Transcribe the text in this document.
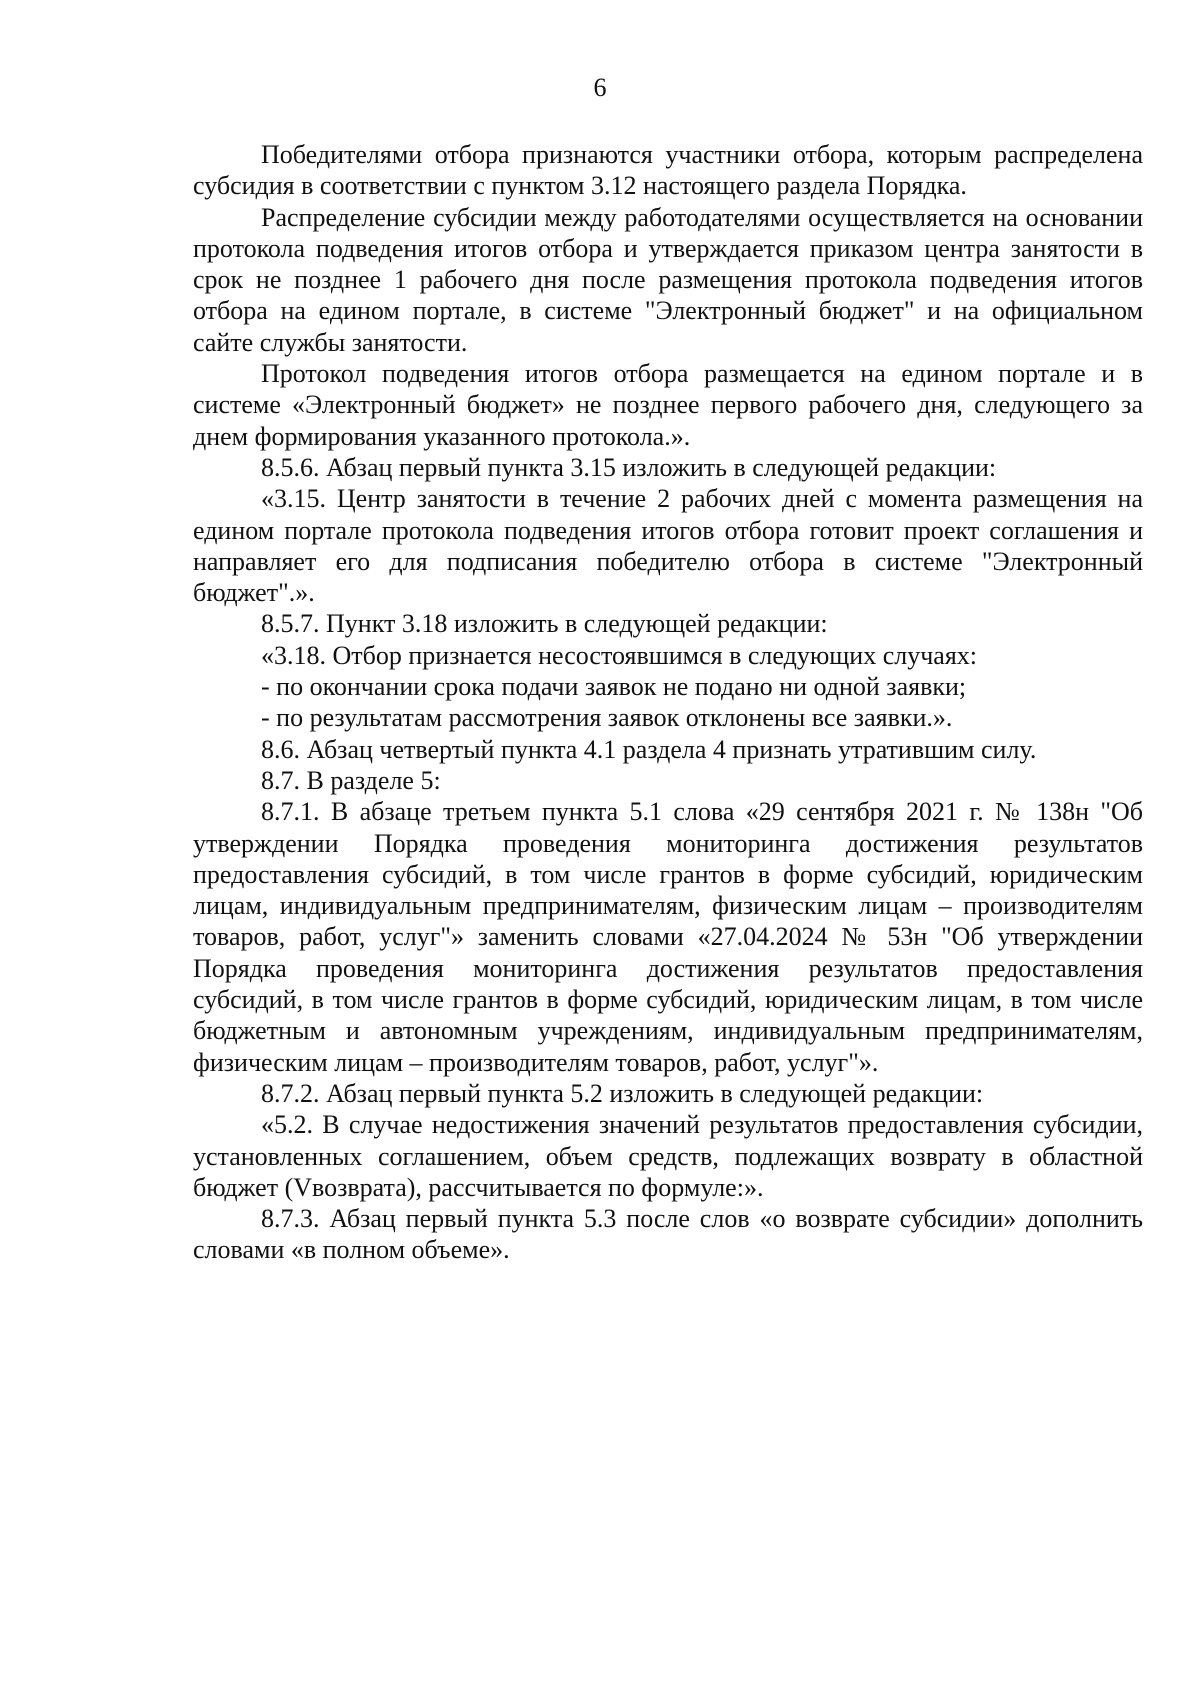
6

Победителями отбора признаются участники отбора, которым распределена субсидия в соответствии с пунктом 3.12 настоящего раздела Порядка.

Распределение субсидии между работодателями осуществляется на основании протокола подведения итогов отбора и утверждается приказом центра занятости в срок не позднее 1 рабочего дня после размещения протокола подведения итогов отбора на едином портале, в системе "Электронный бюджет" и на официальном сайте службы занятости.

Протокол подведения итогов отбора размещается на едином портале и в системе «Электронный бюджет» не позднее первого рабочего дня, следующего за днем формирования указанного протокола.».

8.5.6. Абзац первый пункта 3.15 изложить в следующей редакции:

«3.15. Центр занятости в течение 2 рабочих дней с момента размещения на едином портале протокола подведения итогов отбора готовит проект соглашения и направляет его для подписания победителю отбора в системе "Электронный бюджет".».

8.5.7. Пункт 3.18 изложить в следующей редакции:

«3.18. Отбор признается несостоявшимся в следующих случаях:

- по окончании срока подачи заявок не подано ни одной заявки;

- по результатам рассмотрения заявок отклонены все заявки.».

8.6. Абзац четвертый пункта 4.1 раздела 4 признать утратившим силу.

8.7. В разделе 5:

8.7.1. В абзаце третьем пункта 5.1 слова «29 сентября 2021 г. № 138н "Об утверждении Порядка проведения мониторинга достижения результатов предоставления субсидий, в том числе грантов в форме субсидий, юридическим лицам, индивидуальным предпринимателям, физическим лицам – производителям товаров, работ, услуг"» заменить словами «27.04.2024 № 53н "Об утверждении Порядка проведения мониторинга достижения результатов предоставления субсидий, в том числе грантов в форме субсидий, юридическим лицам, в том числе бюджетным и автономным учреждениям, индивидуальным предпринимателям, физическим лицам – производителям товаров, работ, услуг"».

8.7.2. Абзац первый пункта 5.2 изложить в следующей редакции:

«5.2. В случае недостижения значений результатов предоставления субсидии, установленных соглашением, объем средств, подлежащих возврату в областной бюджет (Vвозврата), рассчитывается по формуле:».

8.7.3. Абзац первый пункта 5.3 после слов «о возврате субсидии» дополнить словами «в полном объеме».
